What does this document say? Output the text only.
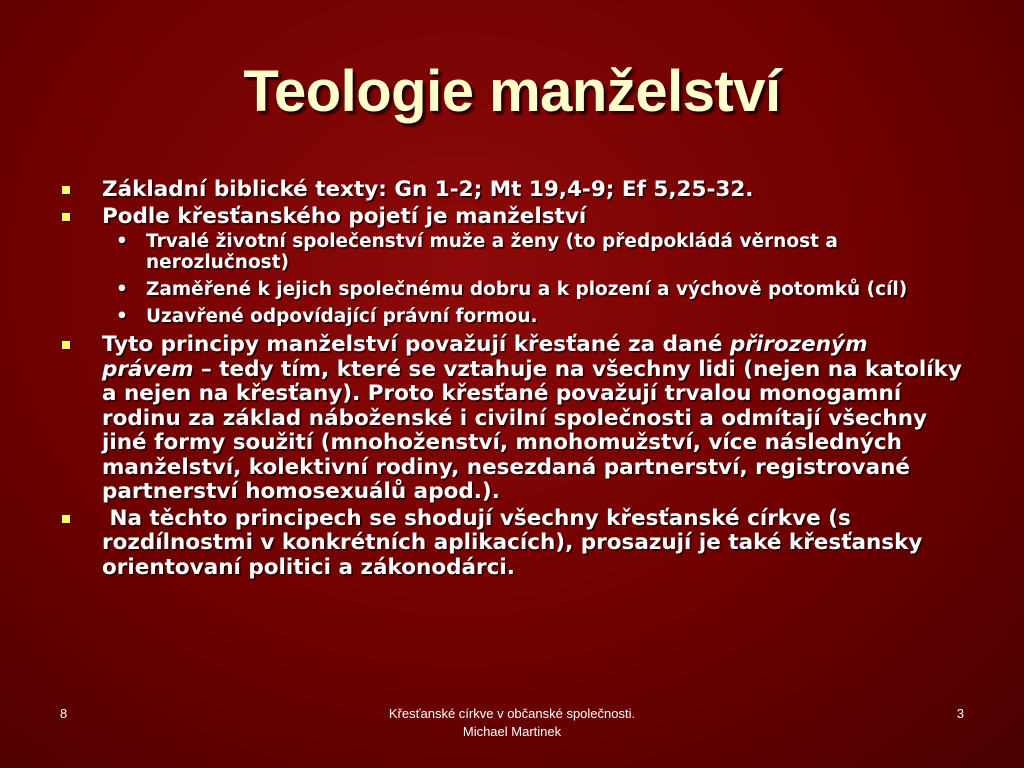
Teologie manželství
Základní biblické texty: Gn 1-2; Mt 19,4-9; Ef 5,25-32.
Podle křesťanského pojetí je manželství
• Trvalé životní společenství muže a ženy (to předpokládá věrnost a nerozlučnost)
• Zaměřené k jejich společnému dobru a k plození a výchově potomků (cíl)
• Uzavřené odpovídající právní formou.
Tyto principy manželství považují křesťané za dané přirozeným právem – tedy tím, které se vztahuje na všechny lidi (nejen na katolíky a nejen na křesťany). Proto křesťané považují trvalou monogamní rodinu za základ náboženské i civilní společnosti a odmítají všechny jiné formy soužití (mnohoženství, mnohomužství, více následných manželství, kolektivní rodiny, nesezdaná partnerství, registrované partnerství homosexuálů apod.).
Na těchto principech se shodují všechny křesťanské církve (s rozdílnostmi v konkrétních aplikacích), prosazují je také křesťansky orientovaní politici a zákonodárci.
8	Křesťanské církve v občanské společnosti.
Michael Martinek
3
